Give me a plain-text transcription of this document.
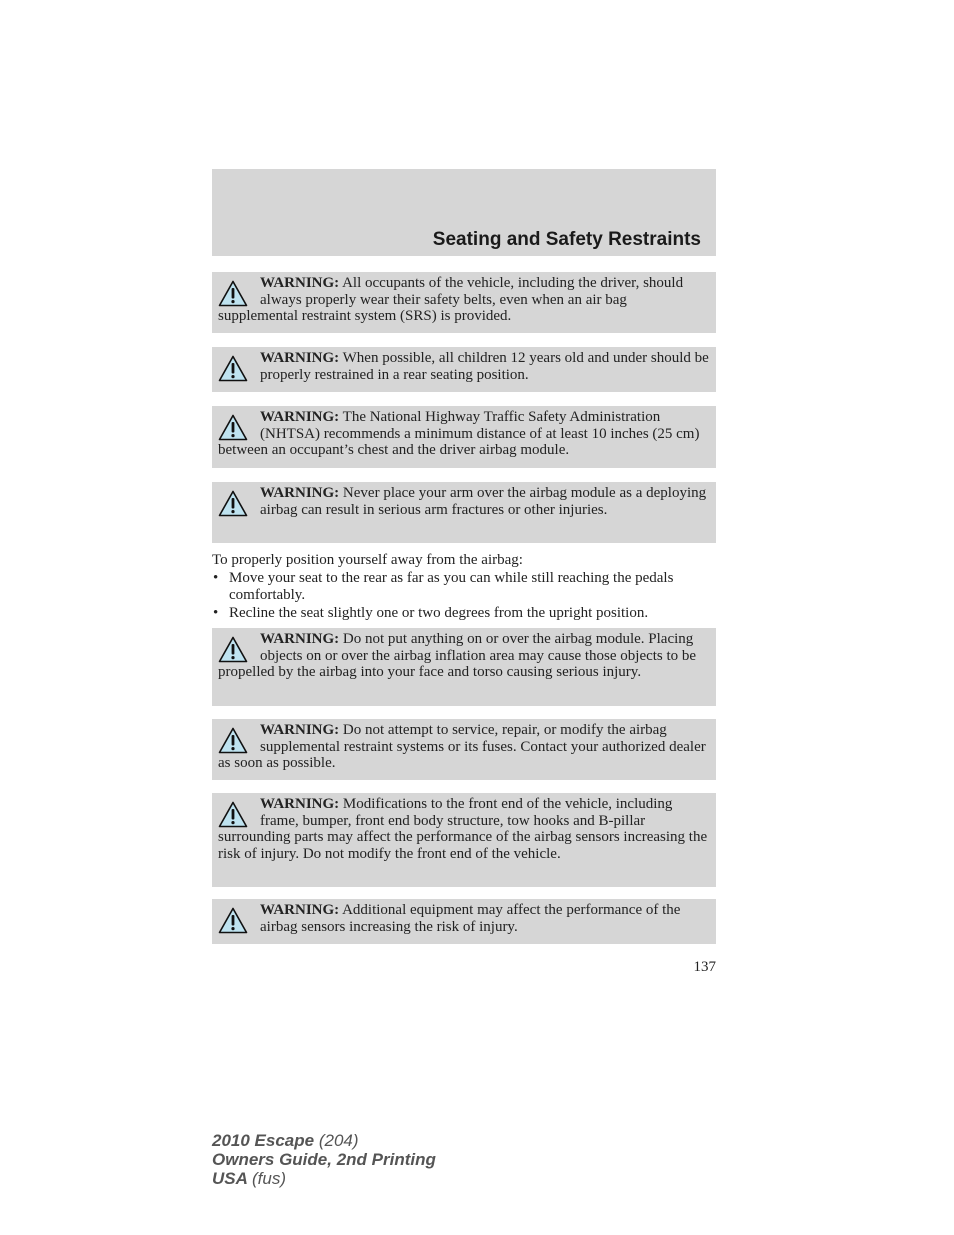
Seating and Safety Restraints
WARNING: All occupants of the vehicle, including the driver, should always properly wear their safety belts, even when an air bag supplemental restraint system (SRS) is provided.
WARNING: When possible, all children 12 years old and under should be properly restrained in a rear seating position.
WARNING: The National Highway Traffic Safety Administration (NHTSA) recommends a minimum distance of at least 10 inches (25 cm) between an occupant’s chest and the driver airbag module.
WARNING: Never place your arm over the airbag module as a deploying airbag can result in serious arm fractures or other injuries.
To properly position yourself away from the airbag:
• Move your seat to the rear as far as you can while still reaching the pedals comfortably.
• Recline the seat slightly one or two degrees from the upright position.
WARNING: Do not put anything on or over the airbag module. Placing objects on or over the airbag inflation area may cause those objects to be propelled by the airbag into your face and torso causing serious injury.
WARNING: Do not attempt to service, repair, or modify the airbag supplemental restraint systems or its fuses. Contact your authorized dealer as soon as possible.
WARNING: Modifications to the front end of the vehicle, including frame, bumper, front end body structure, tow hooks and B-pillar surrounding parts may affect the performance of the airbag sensors increasing the risk of injury. Do not modify the front end of the vehicle.
WARNING: Additional equipment may affect the performance of the airbag sensors increasing the risk of injury.
137
2010 Escape (204)
Owners Guide, 2nd Printing
USA (fus)
